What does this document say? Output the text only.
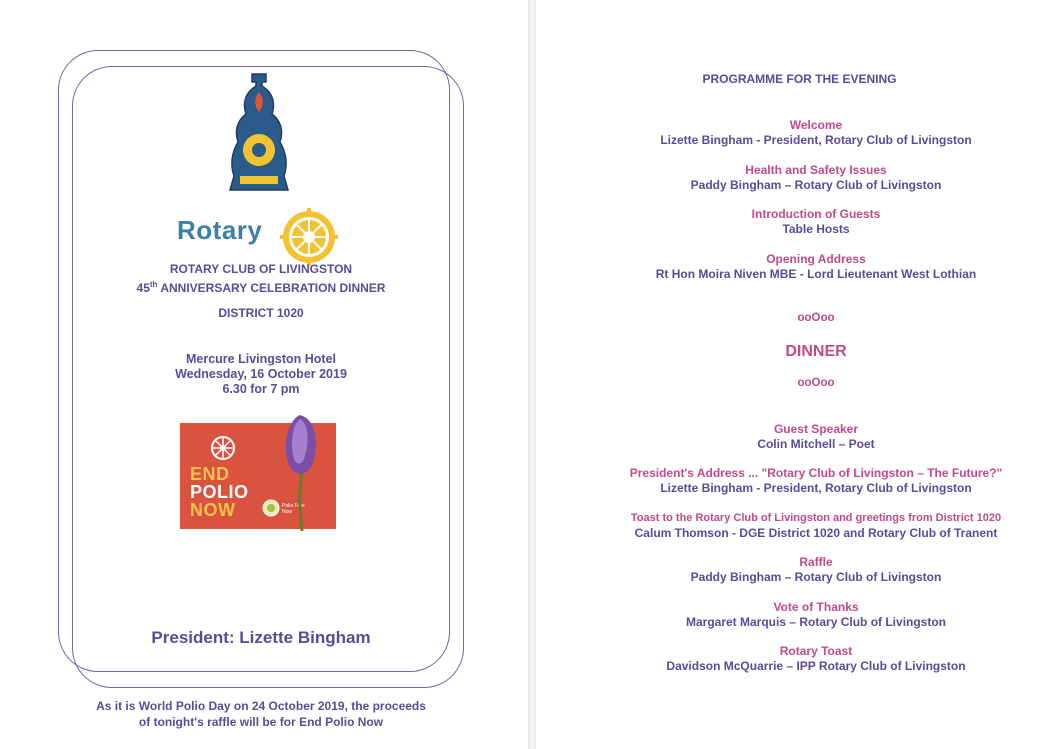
Rotary
ROTARY CLUB OF LIVINGSTON
45th ANNIVERSARY CELEBRATION DINNER
DISTRICT 1020
Mercure Livingston Hotel
Wednesday, 16 October 2019
6.30 for 7 pm
END
POLIO
NOW	Polio Free Now
President: Lizette Bingham
As it is World Polio Day on 24 October 2019, the proceeds
of tonight's raffle will be for End Polio Now
PROGRAMME FOR THE EVENING
Welcome
Lizette Bingham - President, Rotary Club of Livingston
Health and Safety Issues
Paddy Bingham – Rotary Club of Livingston
Introduction of Guests
Table Hosts
Opening Address
Rt Hon Moira Niven MBE - Lord Lieutenant West Lothian
ooOoo
DINNER
ooOoo
Guest Speaker
Colin Mitchell – Poet
President's Address ... "Rotary Club of Livingston – The Future?"
Lizette Bingham - President, Rotary Club of Livingston
Toast to the Rotary Club of Livingston and greetings from District 1020
Calum Thomson - DGE District 1020 and Rotary Club of Tranent
Raffle
Paddy Bingham – Rotary Club of Livingston
Vote of Thanks
Margaret Marquis – Rotary Club of Livingston
Rotary Toast
Davidson McQuarrie – IPP Rotary Club of Livingston
